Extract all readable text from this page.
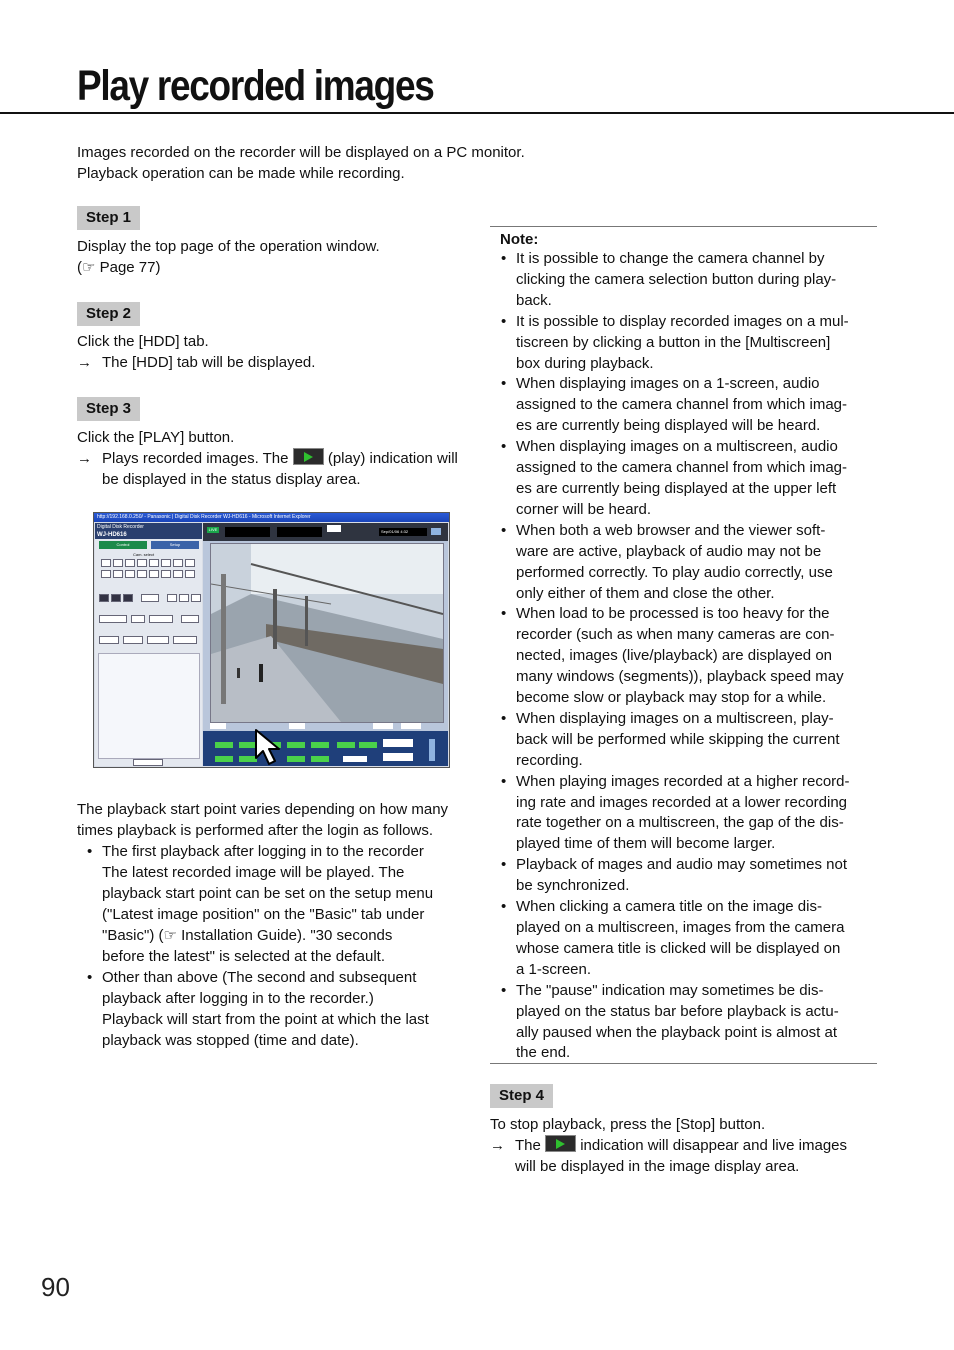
Play recorded images
Images recorded on the recorder will be displayed on a PC monitor.
Playback operation can be made while recording.
Step 1
Display the top page of the operation window.
(☞ Page 77)
Step 2
Click the [HDD] tab.
→ The [HDD] tab will be displayed.
Step 3
Click the [PLAY] button.
→ Plays recorded images. The	(play) indication will be displayed in the status display area.
http://192.168.0.250/ - Panasonic | Digital Disk Recorder WJ-HD616 - Microsoft Internet Explorer
Digital Disk Recorder
WJ-HD616
Control	Setup
Cam. select
LIVE	Sep/01/06 4:32
The playback start point varies depending on how many times playback is performed after the login as follows.
• The first playback after logging in to the recorder
The latest recorded image will be played. The
playback start point can be set on the setup menu
("Latest image position" on the "Basic" tab under
"Basic") (☞ Installation Guide). "30 seconds
before the latest" is selected at the default.
• Other than above (The second and subsequent
playback after logging in to the recorder.)
Playback will start from the point at which the last
playback was stopped (time and date).
Note:
• It is possible to change the camera channel by
clicking the camera selection button during play-
back.
• It is possible to display recorded images on a mul-
tiscreen by clicking a button in the [Multiscreen]
box during playback.
• When displaying images on a 1-screen, audio
assigned to the camera channel from which imag-
es are currently being displayed will be heard.
• When displaying images on a multiscreen, audio
assigned to the camera channel from which imag-
es are currently being displayed at the upper left
corner will be heard.
• When both a web browser and the viewer soft-
ware are active, playback of audio may not be
performed correctly. To play audio correctly, use
only either of them and close the other.
• When load to be processed is too heavy for the
recorder (such as when many cameras are con-
nected, images (live/playback) are displayed on
many windows (segments)), playback speed may
become slow or playback may stop for a while.
• When displaying images on a multiscreen, play-
back will be performed while skipping the current
recording.
• When playing images recorded at a higher record-
ing rate and images recorded at a lower recording
rate together on a multiscreen, the gap of the dis-
played time of them will become larger.
• Playback of mages and audio may sometimes not
be synchronized.
• When clicking a camera title on the image dis-
played on a multiscreen, images from the camera
whose camera title is clicked will be displayed on
a 1-screen.
• The "pause" indication may sometimes be dis-
played on the status bar before playback is actu-
ally paused when the playback point is almost at
the end.
Step 4
To stop playback, press the [Stop] button.
→ The	indication will disappear and live images
will be displayed in the image display area.
90
